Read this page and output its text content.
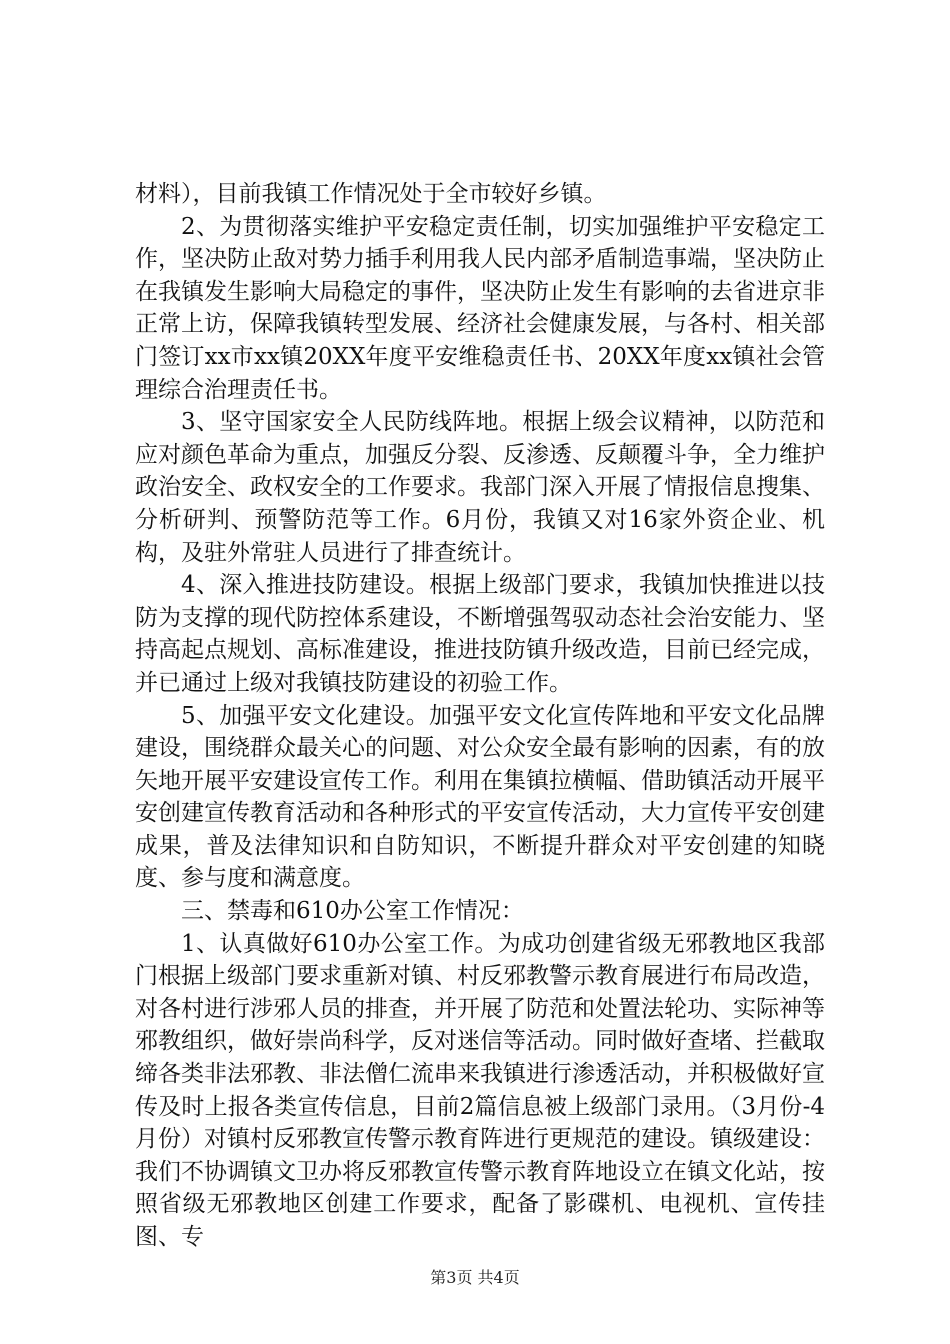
材料），目前我镇工作情况处于全市较好乡镇。

2、为贯彻落实维护平安稳定责任制，切实加强维护平安稳定工作，坚决防止敌对势力插手利用我人民内部矛盾制造事端，坚决防止在我镇发生影响大局稳定的事件，坚决防止发生有影响的去省进京非正常上访，保障我镇转型发展、经济社会健康发展，与各村、相关部门签订xx市xx镇20XX年度平安维稳责任书、20XX年度xx镇社会管理综合治理责任书。

3、坚守国家安全人民防线阵地。根据上级会议精神，以防范和应对颜色革命为重点，加强反分裂、反渗透、反颠覆斗争，全力维护政治安全、政权安全的工作要求。我部门深入开展了情报信息搜集、分析研判、预警防范等工作。6月份，我镇又对16家外资企业、机构，及驻外常驻人员进行了排查统计。

4、深入推进技防建设。根据上级部门要求，我镇加快推进以技防为支撑的现代防控体系建设，不断增强驾驭动态社会治安能力、坚持高起点规划、高标准建设，推进技防镇升级改造，目前已经完成，并已通过上级对我镇技防建设的初验工作。

5、加强平安文化建设。加强平安文化宣传阵地和平安文化品牌建设，围绕群众最关心的问题、对公众安全最有影响的因素，有的放矢地开展平安建设宣传工作。利用在集镇拉横幅、借助镇活动开展平安创建宣传教育活动和各种形式的平安宣传活动，大力宣传平安创建成果，普及法律知识和自防知识，不断提升群众对平安创建的知晓度、参与度和满意度。

三、禁毒和610办公室工作情况：

1、认真做好610办公室工作。为成功创建省级无邪教地区我部门根据上级部门要求重新对镇、村反邪教警示教育展进行布局改造，对各村进行涉邪人员的排查，并开展了防范和处置法轮功、实际神等邪教组织，做好崇尚科学，反对迷信等活动。同时做好查堵、拦截取缔各类非法邪教、非法僧仁流串来我镇进行渗透活动，并积极做好宣传及时上报各类宣传信息，目前2篇信息被上级部门录用。（3月份-4月份）对镇村反邪教宣传警示教育阵进行更规范的建设。镇级建设：我们不协调镇文卫办将反邪教宣传警示教育阵地设立在镇文化站，按照省级无邪教地区创建工作要求，配备了影碟机、电视机、宣传挂图、专

第3页 共4页
